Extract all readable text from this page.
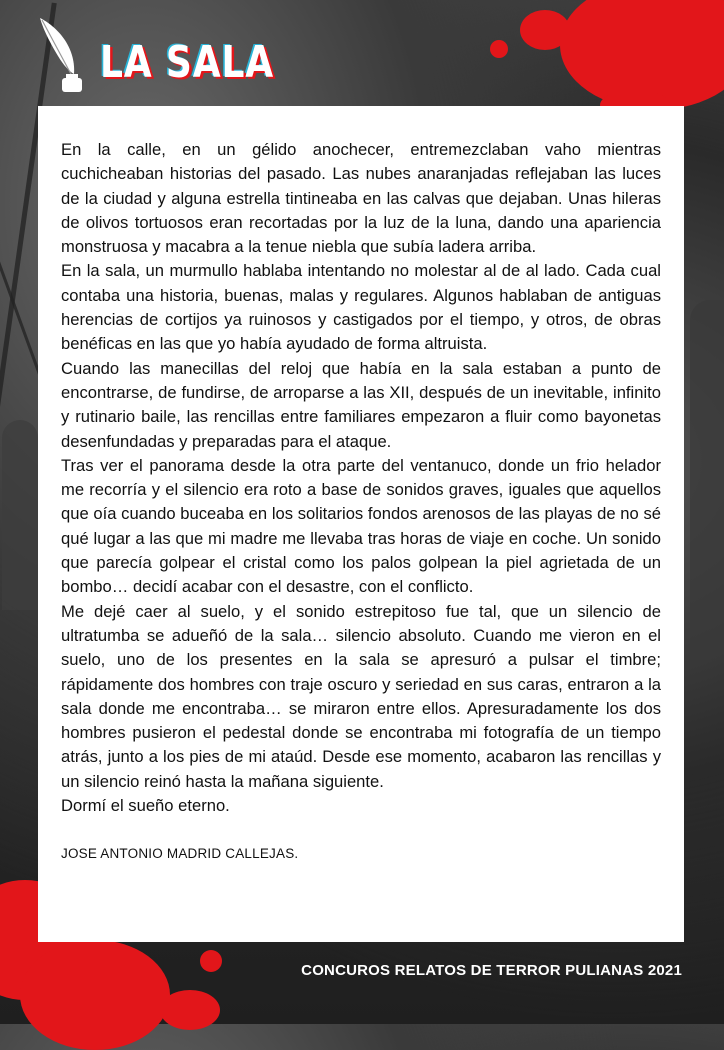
LA SALA

En la calle, en un gélido anochecer, entremezclaban vaho mientras cuchicheaban historias del pasado. Las nubes anaranjadas reflejaban las luces de la ciudad y alguna estrella tintineaba en las calvas que dejaban. Unas hileras de olivos tortuosos eran recortadas por la luz de la luna, dando una apariencia monstruosa y macabra a la tenue niebla que subía ladera arriba.

En la sala, un murmullo hablaba intentando no molestar al de al lado. Cada cual contaba una historia, buenas, malas y regulares. Algunos hablaban de antiguas herencias de cortijos ya ruinosos y castigados por el tiempo, y otros, de obras benéficas en las que yo había ayudado de forma altruista.

Cuando las manecillas del reloj que había en la sala estaban a punto de encontrarse, de fundirse, de arroparse a las XII, después de un inevitable, infinito y rutinario baile, las rencillas entre familiares empezaron a fluir como bayonetas desenfundadas y preparadas para el ataque.

Tras ver el panorama desde la otra parte del ventanuco, donde un frio helador me recorría y el silencio era roto a base de sonidos graves, iguales que aquellos que oía cuando buceaba en los solitarios fondos arenosos de las playas de no sé qué lugar a las que mi madre me llevaba tras horas de viaje en coche. Un sonido que parecía golpear el cristal como los palos golpean la piel agrietada de un bombo… decidí acabar con el desastre, con el conflicto.

Me dejé caer al suelo, y el sonido estrepitoso fue tal, que un silencio de ultratumba se adueñó de la sala… silencio absoluto. Cuando me vieron en el suelo, uno de los presentes en la sala se apresuró a pulsar el timbre; rápidamente dos hombres con traje oscuro y seriedad en sus caras, entraron a la sala donde me encontraba… se miraron entre ellos. Apresuradamente los dos hombres pusieron el pedestal donde se encontraba mi fotografía de un tiempo atrás, junto a los pies de mi ataúd. Desde ese momento, acabaron las rencillas y un silencio reinó hasta la mañana siguiente.

Dormí el sueño eterno.

JOSE ANTONIO MADRID CALLEJAS.

CONCUROS RELATOS DE TERROR PULIANAS 2021
